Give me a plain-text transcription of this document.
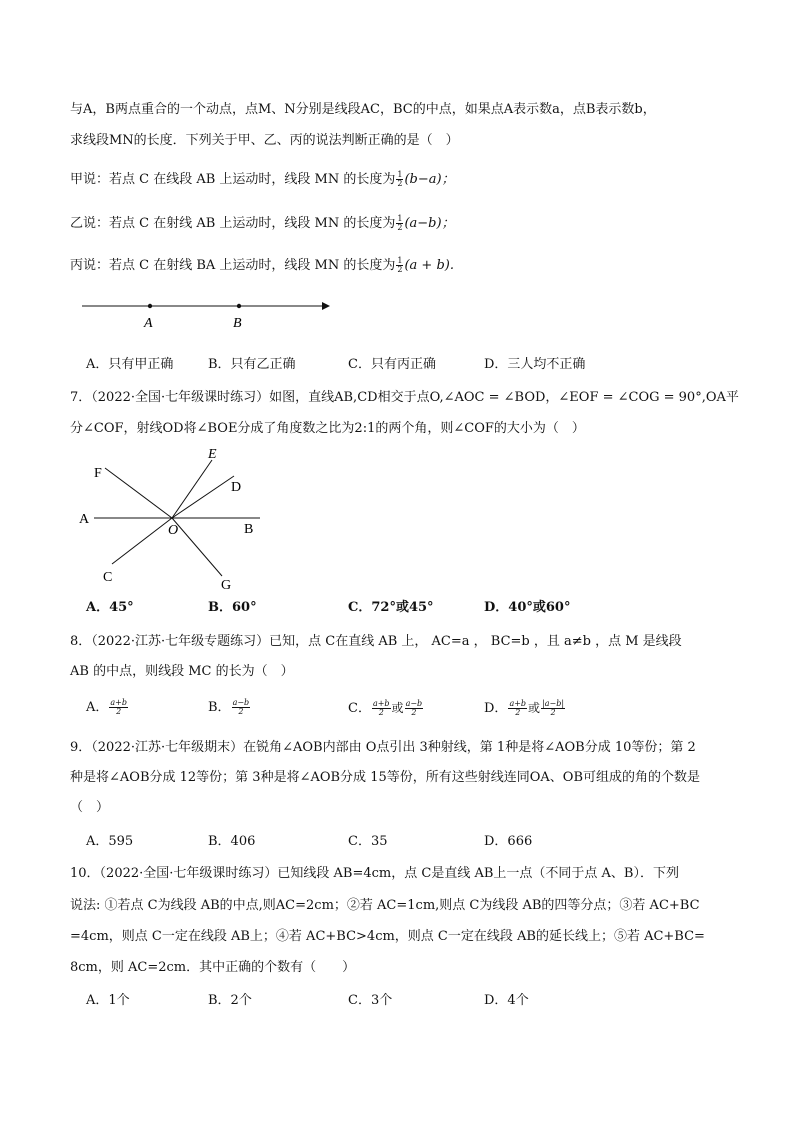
与A，B两点重合的一个动点，点M、N分别是线段AC，BC的中点，如果点A表示数a，点B表示数b，
求线段MN的长度．下列关于甲、乙、丙的说法判断正确的是（　）
甲说：若点 C 在线段 AB 上运动时，线段 MN 的长度为 $\frac{1}{2} (b-a)$；
乙说：若点 C 在射线 AB 上运动时，线段 MN 的长度为 $\frac{1}{2} (a-b)$；
丙说：若点 C 在射线 BA 上运动时，线段 MN 的长度为 $\frac{1}{2} (a + b)$.
A	B
A．只有甲正确	B．只有乙正确	C．只有丙正确	D．三人均不正确
7．（2022·全国·七年级课时练习）如图，直线AB,CD相交于点O,∠AOC = ∠BOD，∠EOF = ∠COG = 90°,OA平
分∠COF，射线OD将∠BOE分成了角度数之比为2:1的两个角，则∠COF的大小为（　）
F
E
D
A
O	B
C
G
A．45°	B．60°	C．72°或45°	D．40°或60°
8．（2022·江苏·七年级专题练习）已知，点 C在直线 AB 上， AC=a ， BC=b ，且 a≠b ，点 M 是线段
AB 的中点，则线段 MC 的长为（　）
A． $\frac{a+b}{2}$	B． $\frac{a-b}{2}$	C． $\frac{a+b}{2}$ 或 $\frac{a-b}{2}$	D． $\frac{a+b}{2}$ 或 $\frac{|a-b|}{2}$
9．（2022·江苏·七年级期末）在锐角∠AOB内部由 O点引出 3种射线，第 1种是将∠AOB分成 10等份；第 2
种是将∠AOB分成 12等份；第 3种是将∠AOB分成 15等份，所有这些射线连同OA、OB可组成的角的个数是
（　）
A．595	B．406	C．35	D．666
10．（2022·全国·七年级课时练习）已知线段 AB=4cm，点 C是直线 AB上一点（不同于点 A、B）．下列
说法: ①若点 C为线段 AB的中点,则AC=2cm；②若 AC=1cm,则点 C为线段 AB的四等分点；③若 AC+BC
=4cm，则点 C一定在线段 AB上；④若 AC+BC>4cm，则点 C一定在线段 AB的延长线上；⑤若 AC+BC=
8cm，则 AC=2cm．其中正确的个数有（　　）
A．1个	B．2个	C．3个	D．4个
